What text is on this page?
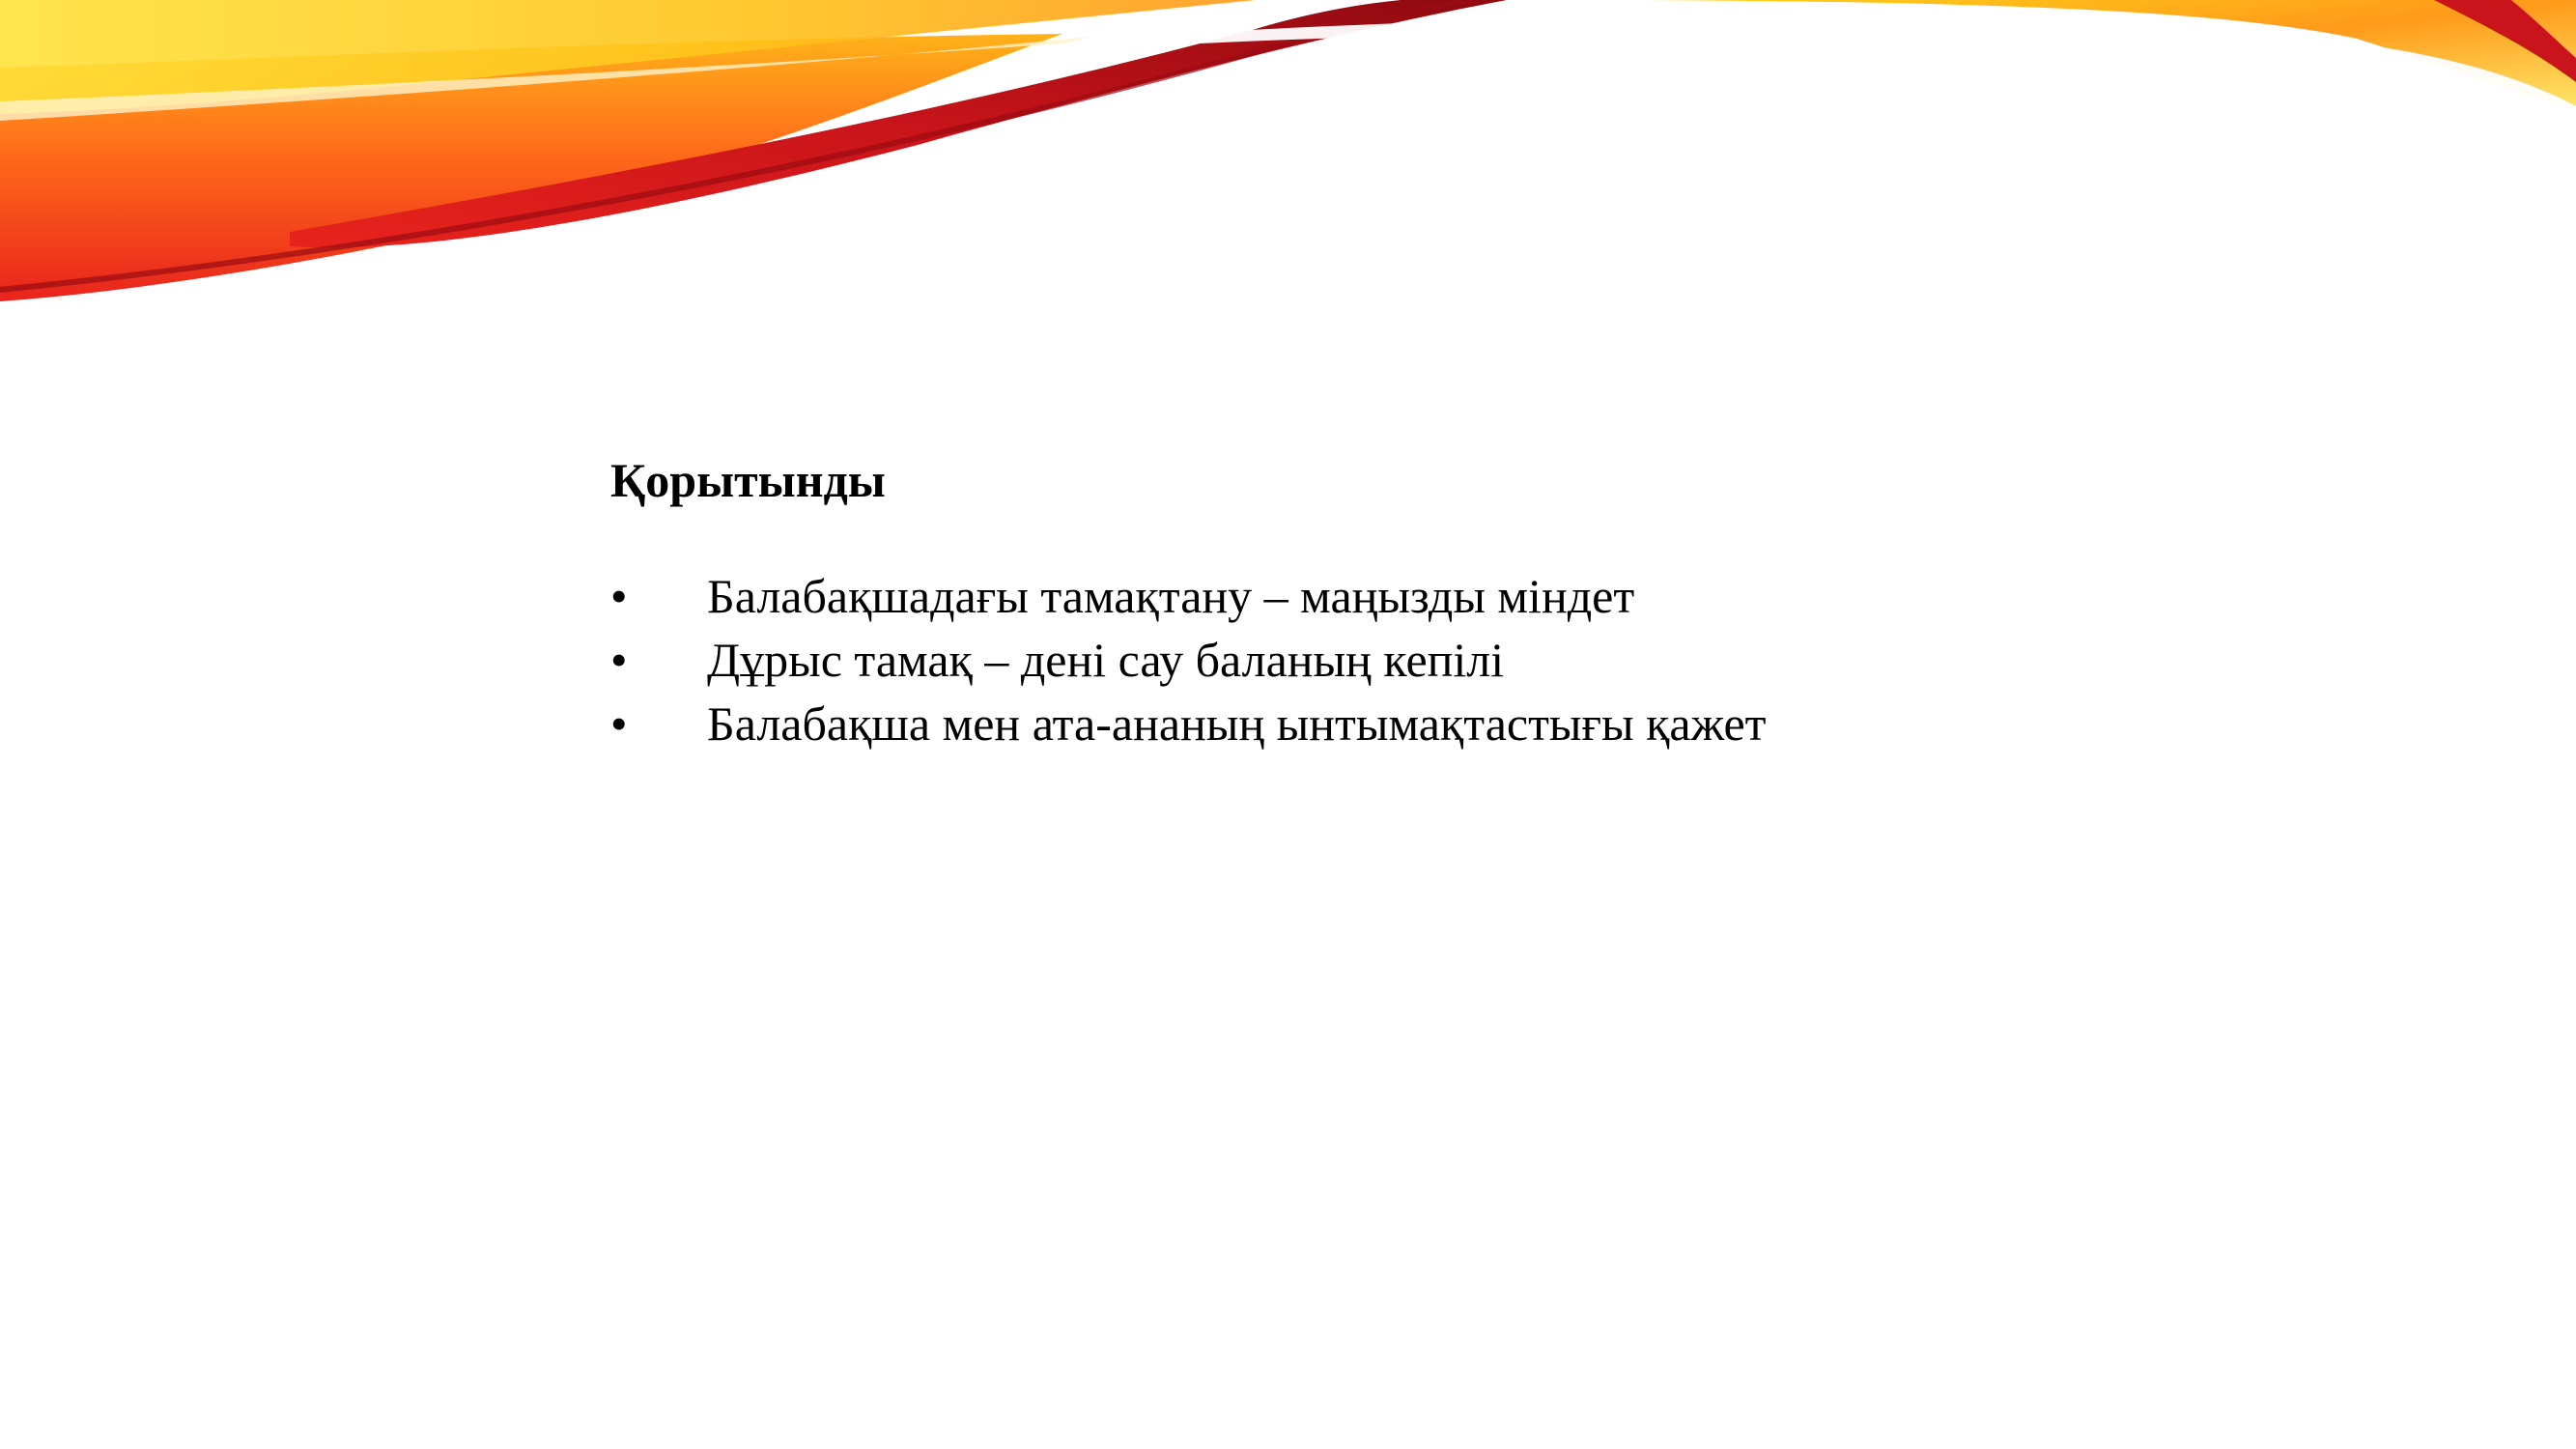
Қорытынды
•	Балабақшадағы тамақтану – маңызды міндет
•	Дұрыс тамақ – дені сау баланың кепілі
•	Балабақша мен ата-ананың ынтымақтастығы қажет
